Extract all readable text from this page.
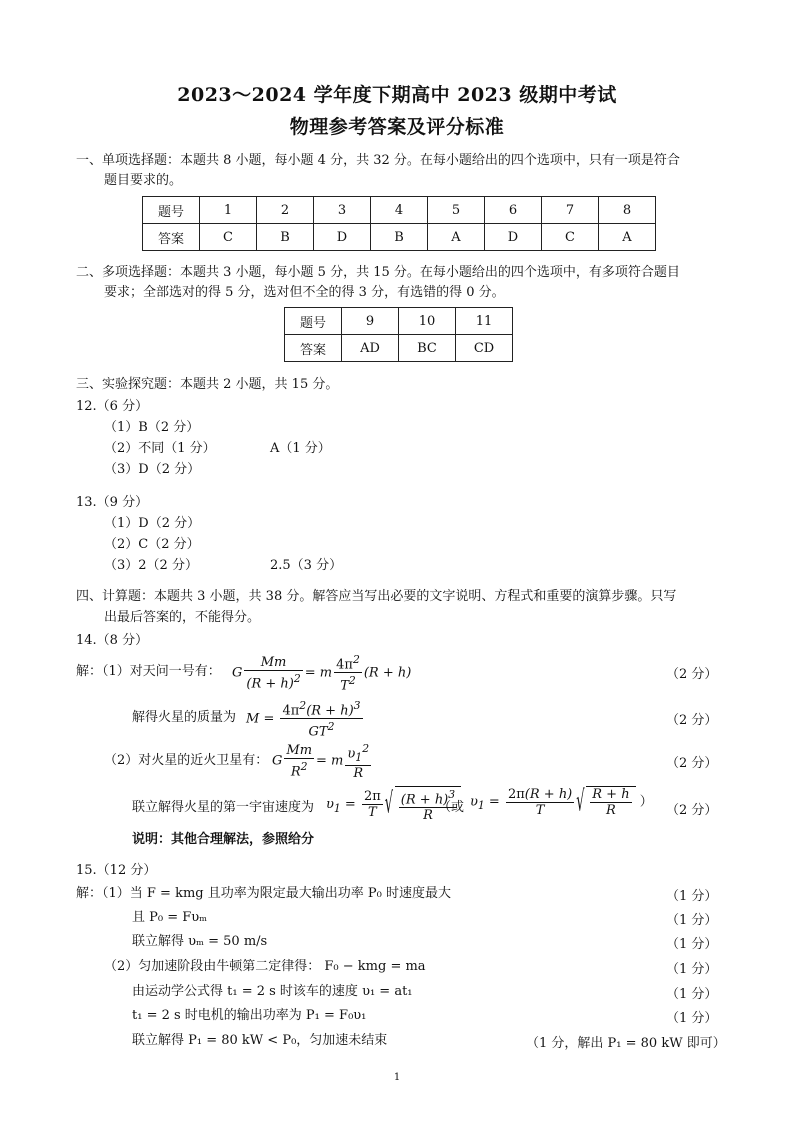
2023～2024 学年度下期高中 2023 级期中考试
物理参考答案及评分标准
一、单项选择题：本题共 8 小题，每小题 4 分，共 32 分。在每小题给出的四个选项中，只有一项是符合
题目要求的。
题号	1	2	3	4	5	6	7	8
答案	C	B	D	B	A	D	C	A
二、多项选择题：本题共 3 小题，每小题 5 分，共 15 分。在每小题给出的四个选项中，有多项符合题目
要求；全部选对的得 5 分，选对但不全的得 3 分，有选错的得 0 分。
题号	9	10	11
答案	AD	BC	CD
三、实验探究题：本题共 2 小题，共 15 分。
12.（6 分）
（1）B（2 分）
（2）不同（1 分）	A（1 分）
（3）D（2 分）
13.（9 分）
（1）D（2 分）
（2）C（2 分）
（3）2（2 分）	2.5（3 分）
四、计算题：本题共 3 小题，共 38 分。解答应当写出必要的文字说明、方程式和重要的演算步骤。只写
出最后答案的，不能得分。
14.（8 分）
解：（1）对天问一号有： G $\frac{Mm}{(R + h)^2} = m \frac{4\pi^2}{T^2} (R + h)$	（2 分）
解得火星的质量为 $M = \frac{4\pi^2(R + h)^3}{GT^2}$	（2 分）
（2）对火星的近火卫星有： G $\frac{Mm}{R^2} = m \frac{\upsilon_1^2}{R}$	（2 分）
联立解得火星的第一宇宙速度为 $\upsilon_1 = \frac{2\pi}{T}$ √ $\frac{(R + h)^3}{R}$
（或 $\upsilon_1 = \frac{2\pi(R + h)}{T}$ √ $\frac{R + h}{R}$ ）
（2 分）
说明：其他合理解法，参照给分
15.（12 分）
解：（1）当 F = kmg 且功率为限定最大输出功率 P₀ 时速度最大	（1 分）
且 P₀ = Fυₘ	（1 分）
联立解得 υₘ = 50 m/s	（1 分）
（2）匀加速阶段由牛顿第二定律得： F₀ − kmg = ma	（1 分）
由运动学公式得 t₁ = 2 s 时该车的速度 υ₁ = at₁	（1 分）
t₁ = 2 s 时电机的输出功率为 P₁ = F₀υ₁	（1 分）
联立解得 P₁ = 80 kW < P₀，匀加速未结束	（1 分，解出 P₁ = 80 kW 即可）
1
